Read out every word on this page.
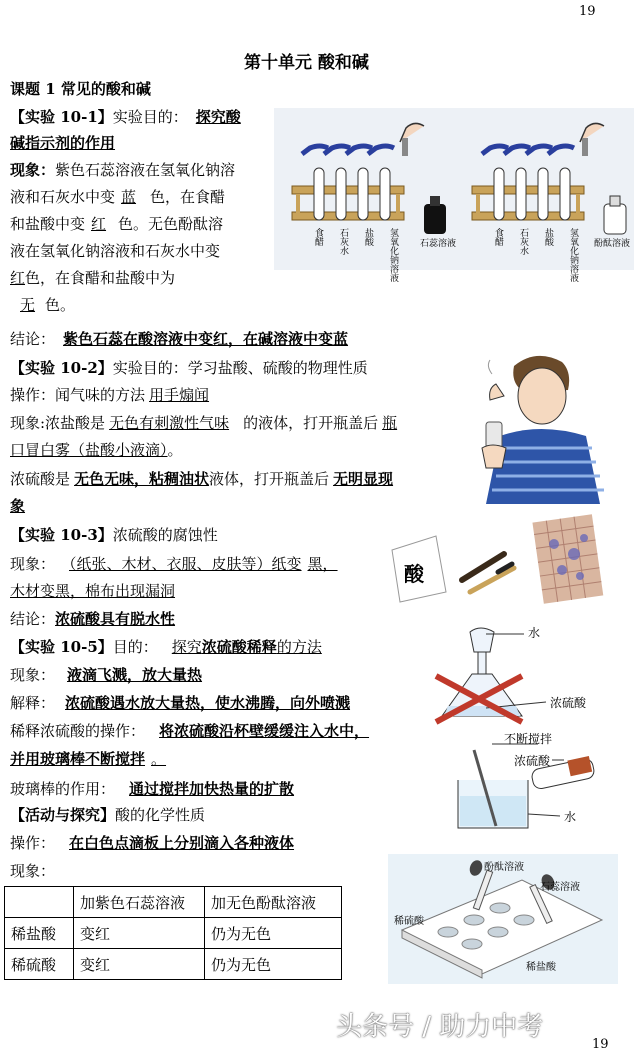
19
19
第十单元 酸和碱
课题 1 常见的酸和碱
【实验 10-1】实验目的： 探究酸
碱指示剂的作用
现象：紫色石蕊溶液在氢氧化钠溶
液和石灰水中变 蓝 色，在食醋
和盐酸中变 红 色。无色酚酞溶
液在氢氧化钠溶液和石灰水中变
红色，在食醋和盐酸中为
无 色。
结论： 紫色石蕊在酸溶液中变红，在碱溶液中变蓝
食醋 石灰水 盐酸 氢氧化钠溶液	食醋 石灰水 盐酸 氢氧化钠溶液
石蕊溶液	酚酞溶液
【实验 10-2】实验目的：学习盐酸、硫酸的物理性质
操作：闻气味的方法 用手煽闻
现象:浓盐酸是 无色有刺激性气味 的液体，打开瓶盖后 瓶
口冒白雾（盐酸小液滴）。
浓硫酸是 无色无味，粘稠油状液体，打开瓶盖后 无明显现
象
【实验 10-3】浓硫酸的腐蚀性
现象： （纸张、木材、衣服、皮肤等）纸变 黑，
木材变黑，棉布出现漏洞
结论：浓硫酸具有脱水性
酸
【实验 10-5】目的： 探究浓硫酸稀释的方法
现象： 液滴飞溅，放大量热
解释： 浓硫酸遇水放大量热，使水沸腾，向外喷溅
稀释浓硫酸的操作： 将浓硫酸沿杯壁缓缓注入水中，
并用玻璃棒不断搅拌 。
玻璃棒的作用： 通过搅拌加快热量的扩散
水
浓硫酸
不断搅拌
浓硫酸
水
【活动与探究】酸的化学性质
操作： 在白色点滴板上分别滴入各种液体
现象：
	加紫色石蕊溶液	加无色酚酞溶液
稀盐酸	变红	仍为无色
稀硫酸	变红	仍为无色
酚酞溶液
石蕊溶液
稀硫酸
稀盐酸
头条号 / 助力中考
